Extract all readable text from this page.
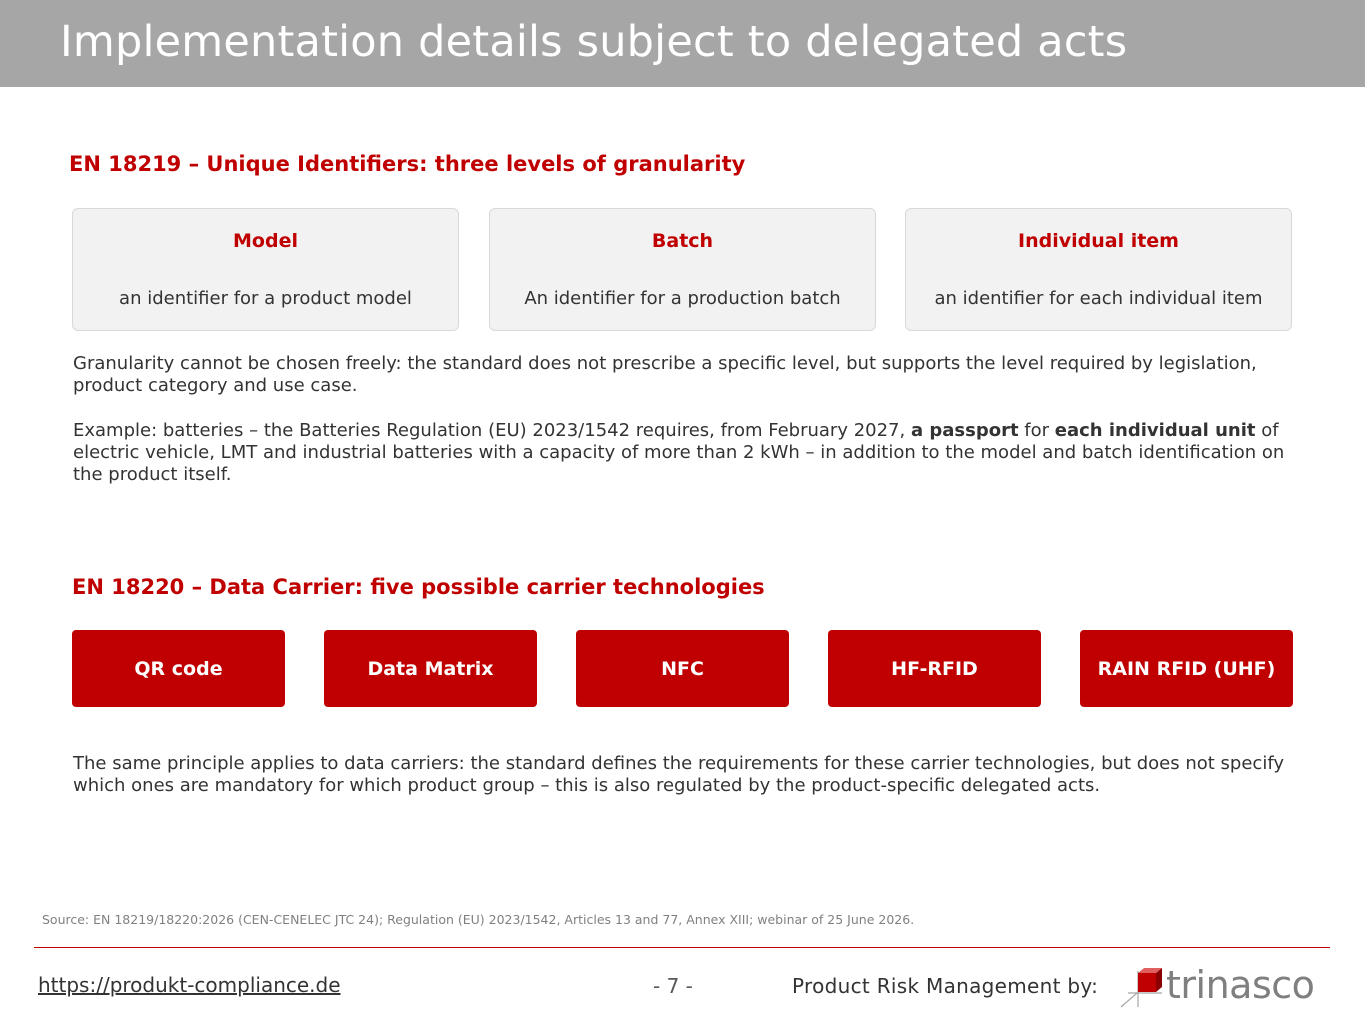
Implementation details subject to delegated acts
EN 18219 – Unique Identifiers: three levels of granularity
Model
an identifier for a product model
Batch
An identifier for a production batch
Individual item
an identifier for each individual item

Granularity cannot be chosen freely: the standard does not prescribe a specific level, but supports the level required by legislation, product category and use case.

Example: batteries – the Batteries Regulation (EU) 2023/1542 requires, from February 2027, a passport for each individual unit of electric vehicle, LMT and industrial batteries with a capacity of more than 2 kWh – in addition to the model and batch identification on the product itself.

EN 18220 – Data Carrier: five possible carrier technologies
QR code	Data Matrix	NFC	HF-RFID	RAIN RFID (UHF)

The same principle applies to data carriers: the standard defines the requirements for these carrier technologies, but does not specify which ones are mandatory for which product group – this is also regulated by the product-specific delegated acts.

Source: EN 18219/18220:2026 (CEN-CENELEC JTC 24); Regulation (EU) 2023/1542, Articles 13 and 77, Annex XIII; webinar of 25 June 2026.
https://produkt-compliance.de	- 7 -	Product Risk Management by: trinasco
